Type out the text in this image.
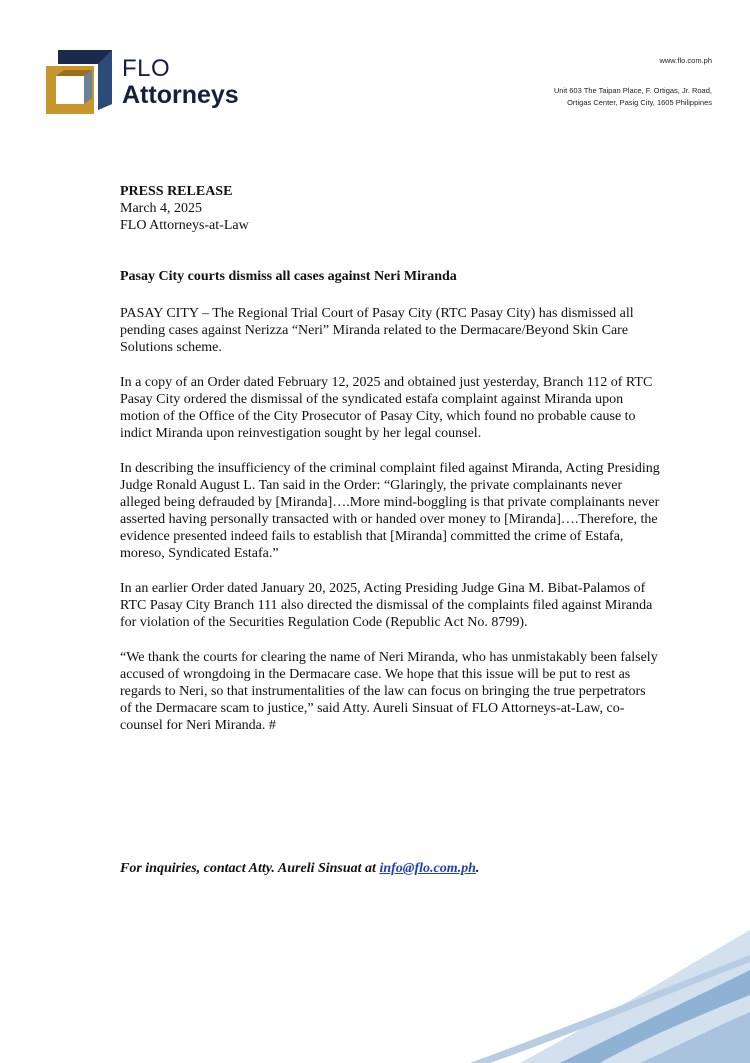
FLO
Attorneys
www.flo.com.ph
Unit 603 The Taipan Place, F. Ortigas, Jr. Road,
Ortigas Center, Pasig City, 1605 Philippines
PRESS RELEASE
March 4, 2025
FLO Attorneys-at-Law
Pasay City courts dismiss all cases against Neri Miranda

PASAY CITY – The Regional Trial Court of Pasay City (RTC Pasay City) has dismissed all pending cases against Nerizza “Neri” Miranda related to the Dermacare/Beyond Skin Care Solutions scheme.

In a copy of an Order dated February 12, 2025 and obtained just yesterday, Branch 112 of RTC Pasay City ordered the dismissal of the syndicated estafa complaint against Miranda upon motion of the Office of the City Prosecutor of Pasay City, which found no probable cause to indict Miranda upon reinvestigation sought by her legal counsel.

In describing the insufficiency of the criminal complaint filed against Miranda, Acting Presiding Judge Ronald August L. Tan said in the Order: “Glaringly, the private complainants never alleged being defrauded by [Miranda]….More mind-boggling is that private complainants never asserted having personally transacted with or handed over money to [Miranda]….Therefore, the evidence presented indeed fails to establish that [Miranda] committed the crime of Estafa, moreso, Syndicated Estafa.”

In an earlier Order dated January 20, 2025, Acting Presiding Judge Gina M. Bibat-Palamos of RTC Pasay City Branch 111 also directed the dismissal of the complaints filed against Miranda for violation of the Securities Regulation Code (Republic Act No. 8799).

“We thank the courts for clearing the name of Neri Miranda, who has unmistakably been falsely accused of wrongdoing in the Dermacare case. We hope that this issue will be put to rest as regards to Neri, so that instrumentalities of the law can focus on bringing the true perpetrators of the Dermacare scam to justice,” said Atty. Aureli Sinsuat of FLO Attorneys-at-Law, co-counsel for Neri Miranda. #

For inquiries, contact Atty. Aureli Sinsuat at info@flo.com.ph.
